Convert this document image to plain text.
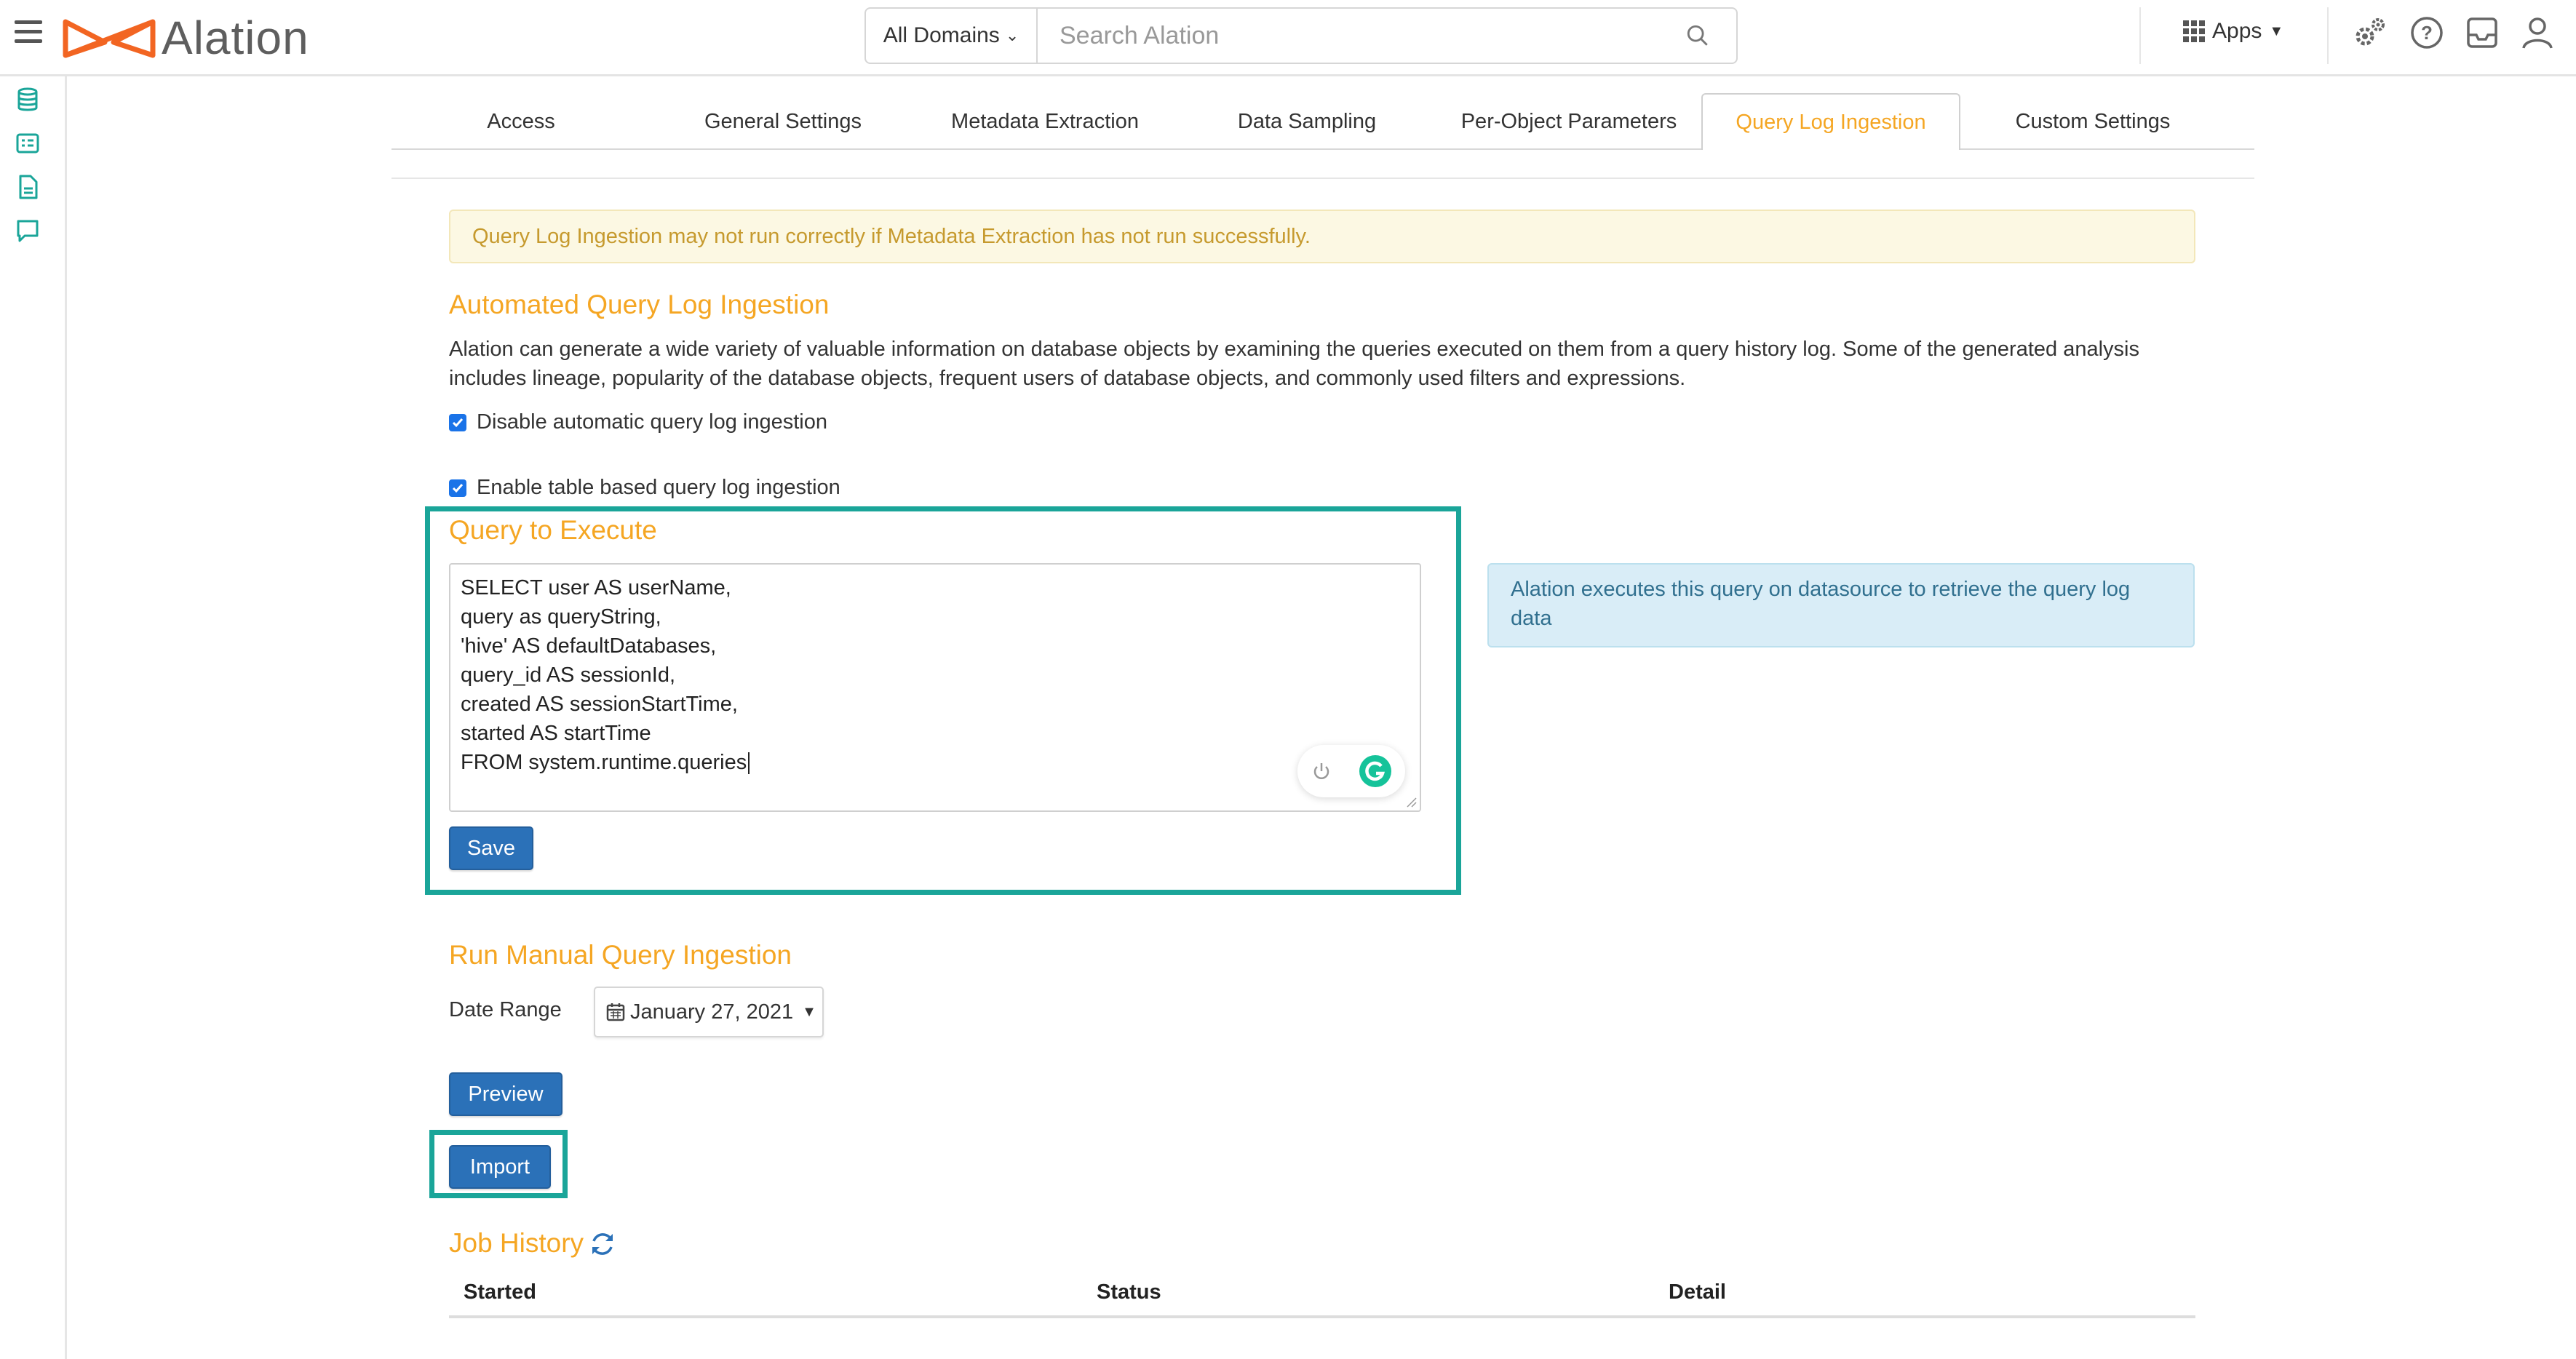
Alation	All Domains ⌄	Search Alation	Apps ▼	?
Access	General Settings	Metadata Extraction	Data Sampling	Per-Object Parameters	Query Log Ingestion	Custom Settings
Query Log Ingestion may not run correctly if Metadata Extraction has not run successfully.
Automated Query Log Ingestion
Alation can generate a wide variety of valuable information on database objects by examining the queries executed on them from a query history log. Some of the generated analysis includes lineage, popularity of the database objects, frequent users of database objects, and commonly used filters and expressions.
Disable automatic query log ingestion
Enable table based query log ingestion
Query to Execute
SELECT user AS userName,
query as queryString,
'hive' AS defaultDatabases,
query_id AS sessionId,
created AS sessionStartTime,
started AS startTime
FROM system.runtime.queries
Alation executes this query on datasource to retrieve the query log data
Save
Run Manual Query Ingestion
Date Range	January 27, 2021 ▼
Preview
Import
Job History
Started	Status	Detail
